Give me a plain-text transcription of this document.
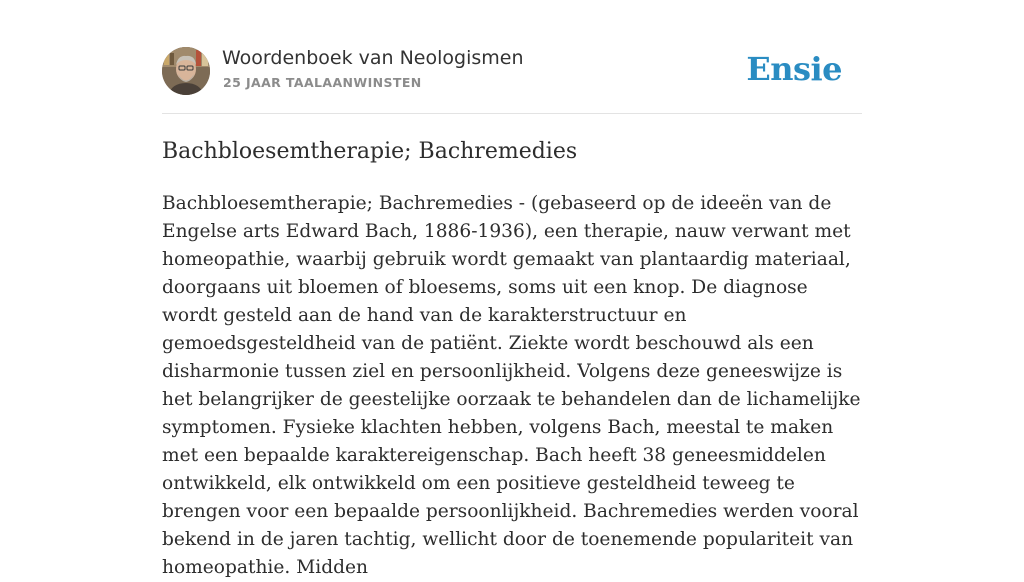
Woordenboek van Neologismen
25 JAAR TAALAANWINSTEN	Ensie
Bachbloesemtherapie; Bachremedies

Bachbloesemtherapie; Bachremedies - (gebaseerd op de ideeën van de Engelse arts Edward Bach, 1886-1936), een therapie, nauw verwant met homeopathie, waarbij gebruik wordt gemaakt van plantaardig materiaal, doorgaans uit bloemen of bloesems, soms uit een knop. De diagnose wordt gesteld aan de hand van de karakterstructuur en gemoedsgesteldheid van de patiënt. Ziekte wordt beschouwd als een disharmonie tussen ziel en persoonlijkheid. Volgens deze geneeswijze is het belangrijker de geestelijke oorzaak te behandelen dan de lichamelijke symptomen. Fysieke klachten hebben, volgens Bach, meestal te maken met een bepaalde karaktereigenschap. Bach heeft 38 geneesmiddelen ontwikkeld, elk ontwikkeld om een positieve gesteldheid teweeg te brengen voor een bepaalde persoonlijkheid. Bachremedies werden vooral bekend in de jaren tachtig, wellicht door de toenemende populariteit van homeopathie. Midden
